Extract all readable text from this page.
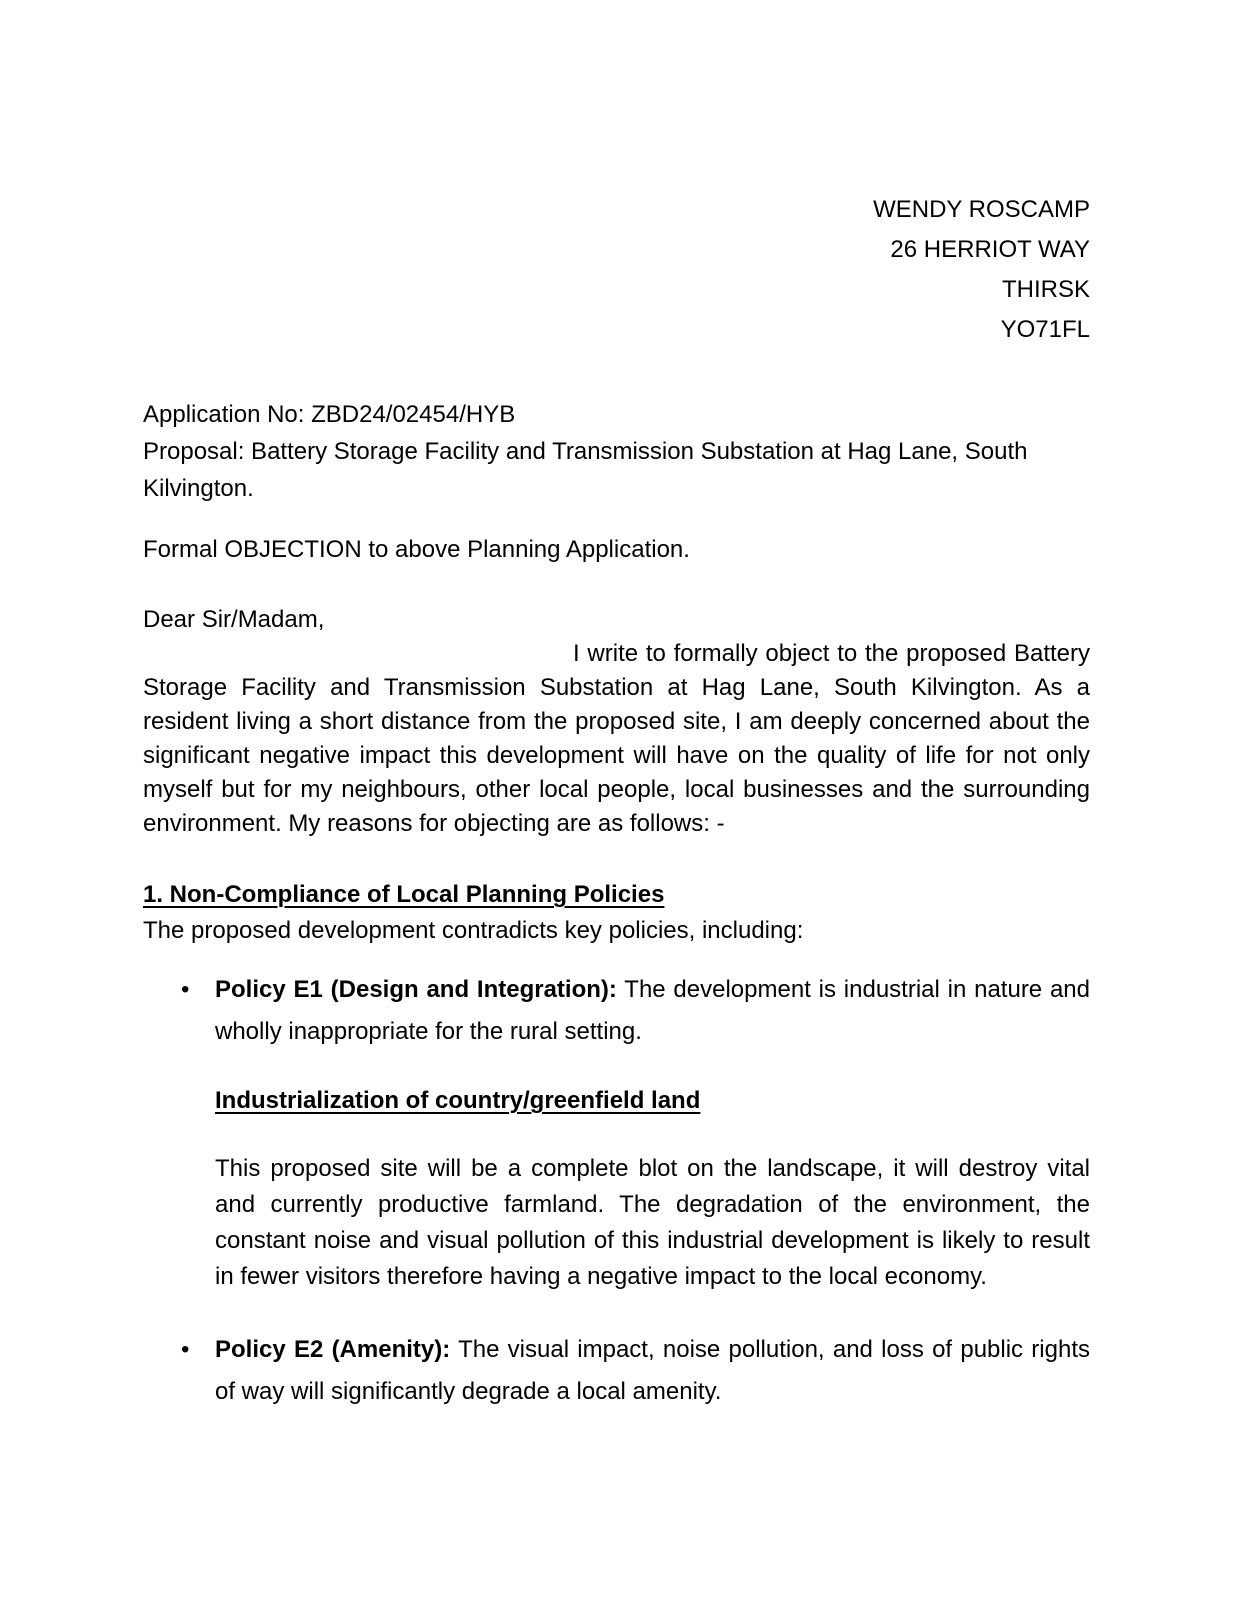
WENDY ROSCAMP

26 HERRIOT WAY

THIRSK

YO71FL

Application No: ZBD24/02454/HYB

Proposal: Battery Storage Facility and Transmission Substation at Hag Lane, South Kilvington.

Formal OBJECTION to above Planning Application.

Dear Sir/Madam,

I write to formally object to the proposed Battery Storage Facility and Transmission Substation at Hag Lane, South Kilvington. As a resident living a short distance from the proposed site, I am deeply concerned about the significant negative impact this development will have on the quality of life for not only myself but for my neighbours, other local people, local businesses and the surrounding environment. My reasons for objecting are as follows: -

1. Non-Compliance of Local Planning Policies

The proposed development contradicts key policies, including:

• Policy E1 (Design and Integration): The development is industrial in nature and wholly inappropriate for the rural setting.
Industrialization of country/greenfield land

This proposed site will be a complete blot on the landscape, it will destroy vital and currently productive farmland. The degradation of the environment, the constant noise and visual pollution of this industrial development is likely to result in fewer visitors therefore having a negative impact to the local economy.

• Policy E2 (Amenity): The visual impact, noise pollution, and loss of public rights of way will significantly degrade a local amenity.
